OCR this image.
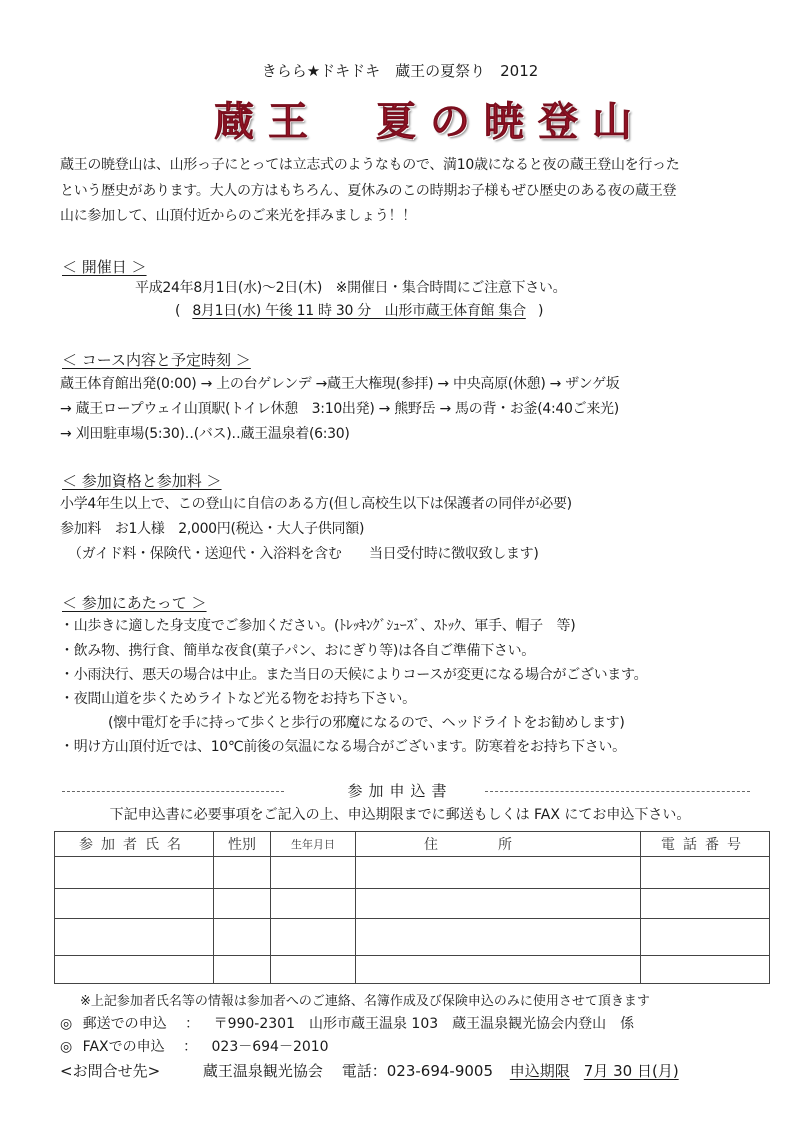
きらら★ドキドキ　蔵王の夏祭り　2012
蔵王　夏の暁登山
蔵王の暁登山は、山形っ子にとっては立志式のようなもので、満10歳になると夜の蔵王登山を行った
という歴史があります。大人の方はもちろん、夏休みのこの時期お子様もぜひ歴史のある夜の蔵王登
山に参加して、山頂付近からのご来光を拝みましょう！！
＜ 開催日 ＞
平成24年8月1日(水)～2日(木)　※開催日・集合時間にご注意下さい。
( 8月1日(水) 午後 11 時 30 分　山形市蔵王体育館 集合 )
＜ コース内容と予定時刻 ＞
蔵王体育館出発(0:00) → 上の台ゲレンデ →蔵王大権現(参拝) → 中央高原(休憩) → ザンゲ坂
→ 蔵王ロープウェイ山頂駅(トイレ休憩　3:10出発) → 熊野岳 → 馬の背・お釜(4:40ご来光)
→ 刈田駐車場(5:30)‥(バス)‥蔵王温泉着(6:30)
＜ 参加資格と参加料 ＞
小学4年生以上で、この登山に自信のある方(但し高校生以下は保護者の同伴が必要)
参加料　お1人様　2,000円(税込・大人子供同額)
（ガイド料・保険代・送迎代・入浴料を含む　　当日受付時に徴収致します)
＜ 参加にあたって ＞
・山歩きに適した身支度でご参加ください。(ﾄﾚｯｷﾝｸﾞｼｭｰｽﾞ、ｽﾄｯｸ、軍手、帽子　等)
・飲み物、携行食、簡単な夜食(菓子パン、おにぎり等)は各自ご準備下さい。
・小雨決行、悪天の場合は中止。また当日の天候によりコースが変更になる場合がございます。
・夜間山道を歩くためライトなど光る物をお持ち下さい。
(懐中電灯を手に持って歩くと歩行の邪魔になるので、ヘッドライトをお勧めします)
・明け方山頂付近では、10℃前後の気温になる場合がございます。防寒着をお持ち下さい。
参加申込書
下記申込書に必要事項をご記入の上、申込期限までに郵送もしくは FAX にてお申込下さい。
参加者氏名	性別	生年月日	住所	電話番号

※上記参加者氏名等の情報は参加者へのご連絡、名簿作成及び保険申込のみに使用させて頂きます
◎ 郵送での申込 ： 〒990-2301　山形市蔵王温泉 103　蔵王温泉観光協会内登山　係
◎ FAXでの申込 ： 023－694－2010
<お問合せ先>	蔵王温泉観光協会 電話：023-694-9005 申込期限 7月 30 日(月)
